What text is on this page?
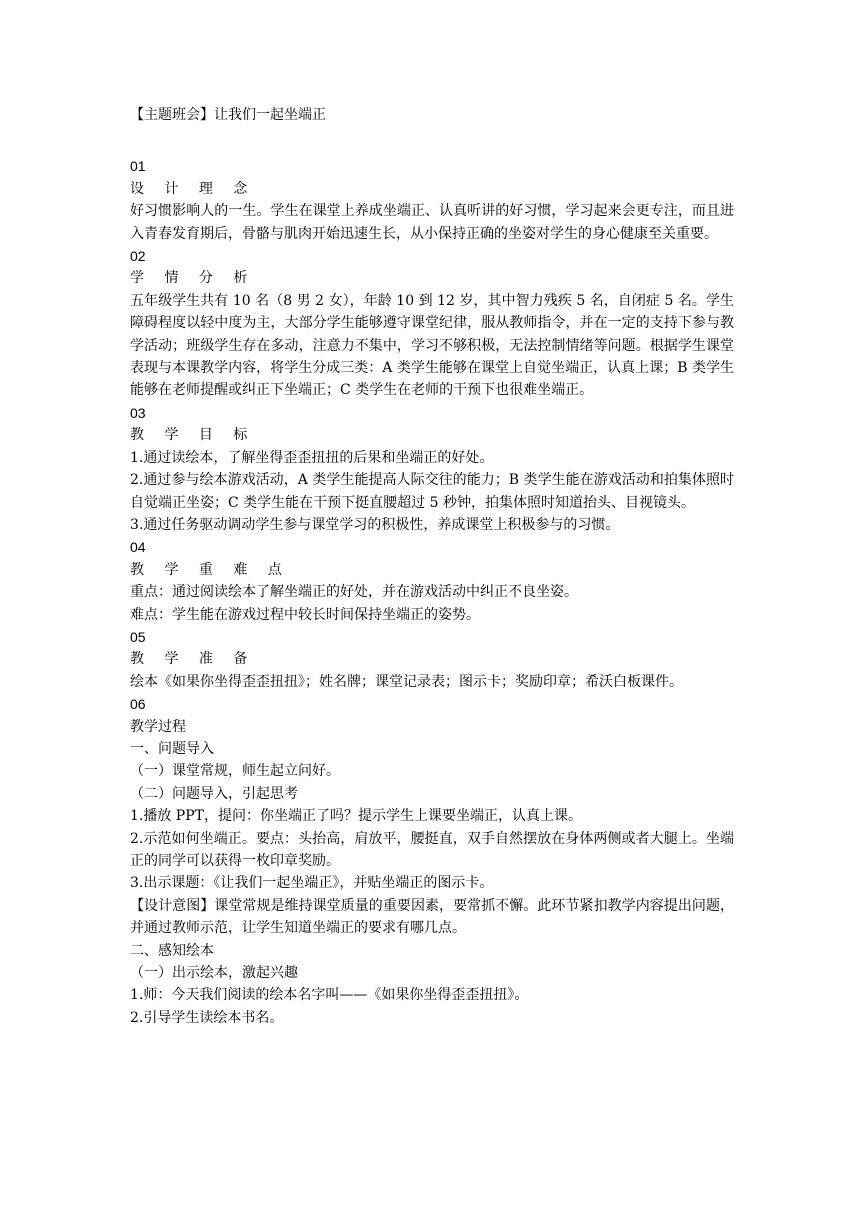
【主题班会】让我们一起坐端正
01
设 计 理 念

好习惯影响人的一生。学生在课堂上养成坐端正、认真听讲的好习惯，学习起来会更专注，而且进入青春发育期后，骨骼与肌肉开始迅速生长，从小保持正确的坐姿对学生的身心健康至关重要。

02
学 情 分 析

五年级学生共有 10 名（8 男 2 女），年龄 10 到 12 岁，其中智力残疾 5 名，自闭症 5 名。学生障碍程度以轻中度为主，大部分学生能够遵守课堂纪律，服从教师指令，并在一定的支持下参与教学活动；班级学生存在多动，注意力不集中，学习不够积极，无法控制情绪等问题。根据学生课堂表现与本课教学内容，将学生分成三类：A 类学生能够在课堂上自觉坐端正，认真上课；B 类学生能够在老师提醒或纠正下坐端正；C 类学生在老师的干预下也很难坐端正。

03
教 学 目 标

1.通过读绘本，了解坐得歪歪扭扭的后果和坐端正的好处。

2.通过参与绘本游戏活动，A 类学生能提高人际交往的能力；B 类学生能在游戏活动和拍集体照时自觉端正坐姿；C 类学生能在干预下挺直腰超过 5 秒钟，拍集体照时知道抬头、目视镜头。

3.通过任务驱动调动学生参与课堂学习的积极性，养成课堂上积极参与的习惯。

04
教 学 重 难 点

重点：通过阅读绘本了解坐端正的好处，并在游戏活动中纠正不良坐姿。

难点：学生能在游戏过程中较长时间保持坐端正的姿势。

05
教 学 准 备

绘本《如果你坐得歪歪扭扭》；姓名牌；课堂记录表；图示卡；奖励印章；希沃白板课件。

06
教学过程

一、问题导入

（一）课堂常规，师生起立问好。

（二）问题导入，引起思考

1.播放 PPT，提问：你坐端正了吗？提示学生上课要坐端正，认真上课。

2.示范如何坐端正。要点：头抬高，肩放平，腰挺直，双手自然摆放在身体两侧或者大腿上。坐端正的同学可以获得一枚印章奖励。

3.出示课题：《让我们一起坐端正》，并贴坐端正的图示卡。

【设计意图】课堂常规是维持课堂质量的重要因素，要常抓不懈。此环节紧扣教学内容提出问题，并通过教师示范，让学生知道坐端正的要求有哪几点。

二、感知绘本

（一）出示绘本，激起兴趣

1.师：今天我们阅读的绘本名字叫——《如果你坐得歪歪扭扭》。

2.引导学生读绘本书名。
